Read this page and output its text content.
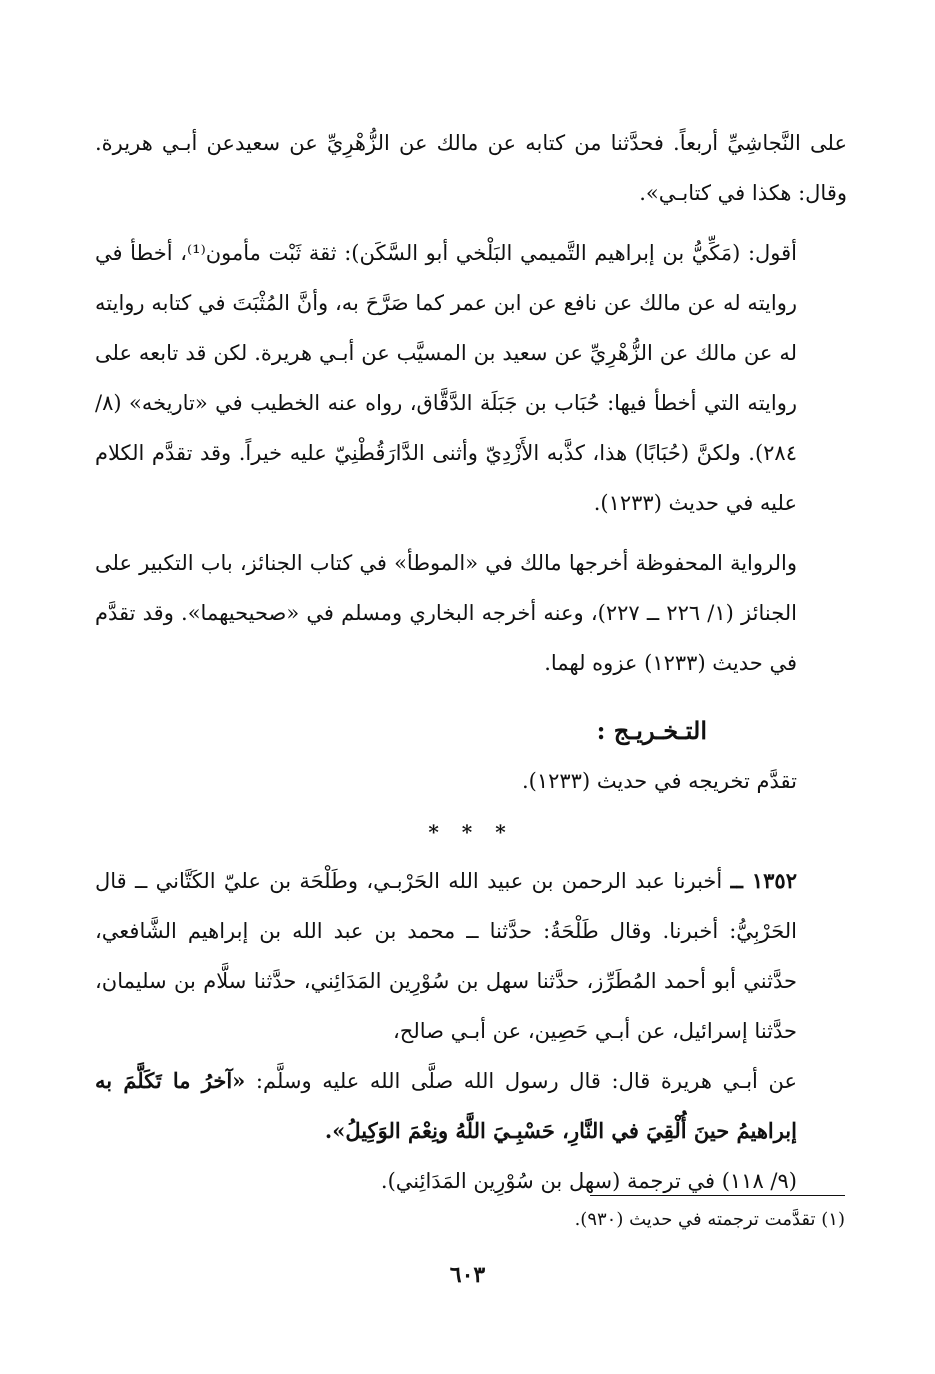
على النَّجاشِيِّ أربعاً. فحدَّثنا من كتابه عن مالك عن الزُّهْرِيِّ عن سعيدعن أبـي هريرة. وقال: هكذا في كتابـي».

أقول: (مَكِّيُّ بن إبراهيم التَّميمي البَلْخي أبو السَّكَن): ثقة ثَبْت مأمون⁽¹⁾، أخطأ في روايته له عن مالك عن نافع عن ابن عمر كما صَرَّحَ به، وأنَّ المُثْبَتَ في كتابه روايته له عن مالك عن الزُّهْرِيِّ عن سعيد بن المسيَّب عن أبـي هريرة. لكن قد تابعه على روايته التي أخطأ فيها: حُبَاب بن جَبَلَة الدَّقَّاق، رواه عنه الخطيب في «تاريخه» (٨/ ٢٨٤). ولكنَّ (حُبَابًا) هذا، كذَّبه الأَزْدِيّ وأثنى الدَّارَقُطْنِيّ عليه خيراً. وقد تقدَّم الكلام عليه في حديث (١٢٣٣).

والرواية المحفوظة أخرجها مالك في «الموطأ» في كتاب الجنائز، باب التكبير على الجنائز (١/ ٢٢٦ ــ ٢٢٧)، وعنه أخرجه البخاري ومسلم في «صحيحيهما». وقد تقدَّم في حديث (١٢٣٣) عزوه لهما.

التـخـريـج :

تقدَّم تخريجه في حديث (١٢٣٣).

* * *

١٣٥٢ ــ أخبرنا عبد الرحمن بن عبيد الله الحَرْبـي، وطَلْحَة بن عليّ الكَتَّاني ــ قال الحَرْبِيُّ: أخبرنا. وقال طَلْحَةُ: حدَّثنا ــ محمد بن عبد الله بن إبراهيم الشَّافعي، حدَّثني أبو أحمد المُطَرِّز، حدَّثنا سهل بن سُوْرِين المَدَائِني، حدَّثنا سلَّام بن سليمان، حدَّثنا إسرائيل، عن أبـي حَصِين، عن أبـي صالح،

عن أبـي هريرة قال: قال رسول الله صلَّى الله عليه وسلَّم: «آخرُ ما تَكَلَّمَ به إبراهيمُ حينَ أُلْقِيَ في النَّارِ، حَسْبِـيَ اللَّهُ ونِعْمَ الوَكِيلُ».

(٩/ ١١٨) في ترجمة (سهل بن سُوْرِين المَدَائِني).

(١) تقدَّمت ترجمته في حديث (٩٣٠).
٦٠٣
